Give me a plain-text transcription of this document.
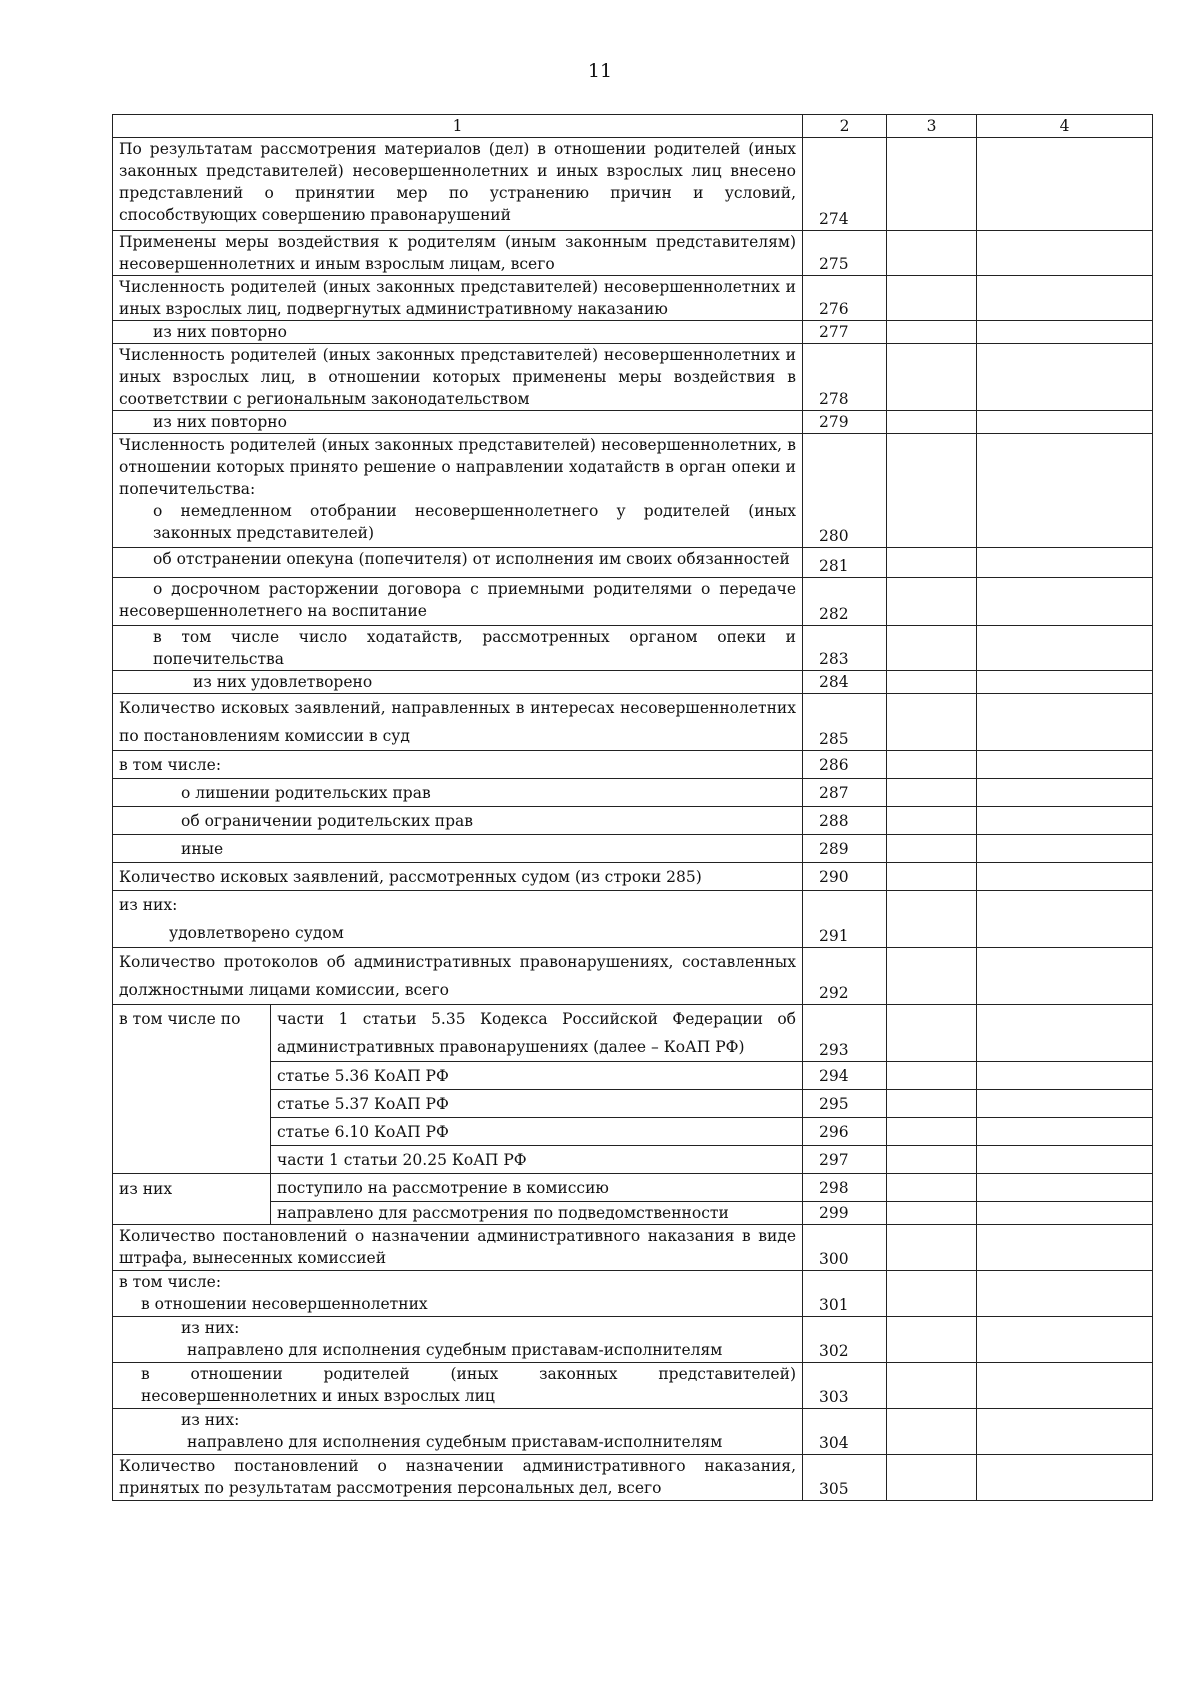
11
1		2	3	4
По результатам рассмотрения материалов (дел) в отношении родителей (иных законных представителей) несовершеннолетних и иных взрослых лиц внесено представлений о принятии мер по устранению причин и условий, способствующих совершению правонарушений		274		
Применены меры воздействия к родителям (иным законным представителям) несовершеннолетних и иным взрослым лицам, всего		275		
Численность родителей (иных законных представителей) несовершеннолетних и иных взрослых лиц, подвергнутых административному наказанию		276		
из них повторно		277		
Численность родителей (иных законных представителей) несовершеннолетних и иных взрослых лиц, в отношении которых применены меры воздействия в соответствии с региональным законодательством		278		
из них повторно		279		

Численность родителей (иных законных представителей) несовершеннолетних, в отношении которых принято решение о направлении ходатайств в орган опеки и попечительства:
о немедленном отобрании несовершеннолетнего у родителей (иных законных представителей)		280		
об отстранении опекуна (попечителя) от исполнения им своих обязанностей		281		
о досрочном расторжении договора с приемными родителями о передаче несовершеннолетнего на воспитание		282		
в том числе число ходатайств, рассмотренных органом опеки и попечительства		283		
из них удовлетворено		284		
Количество исковых заявлений, направленных в интересах несовершеннолетних по постановлениям комиссии в суд		285		
в том числе:		286		
о лишении родительских прав		287		
об ограничении родительских прав		288		
иные		289		
Количество исковых заявлений, рассмотренных судом (из строки 285)		290		

из них:
удовлетворено судом		291		
Количество протоколов об административных правонарушениях, составленных должностными лицами комиссии, всего		292		
в том числе по	части 1 статьи 5.35 Кодекса Российской Федерации об административных правонарушениях (далее – КоАП РФ)	293		
	статье 5.36 КоАП РФ	294		
	статье 5.37 КоАП РФ	295		
	статье 6.10 КоАП РФ	296		
	части 1 статьи 20.25 КоАП РФ	297		
из них	поступило на рассмотрение в комиссию	298		
	направлено для рассмотрения по подведомственности	299		
Количество постановлений о назначении административного наказания в виде штрафа, вынесенных комиссией		300		

в том числе:
в отношении несовершеннолетних		301		

из них:
направлено для исполнения судебным приставам-исполнителям		302		
в отношении родителей (иных законных представителей) несовершеннолетних и иных взрослых лиц		303		

из них:
направлено для исполнения судебным приставам-исполнителям		304		
Количество постановлений о назначении административного наказания, принятых по результатам рассмотрения персональных дел, всего		305		
